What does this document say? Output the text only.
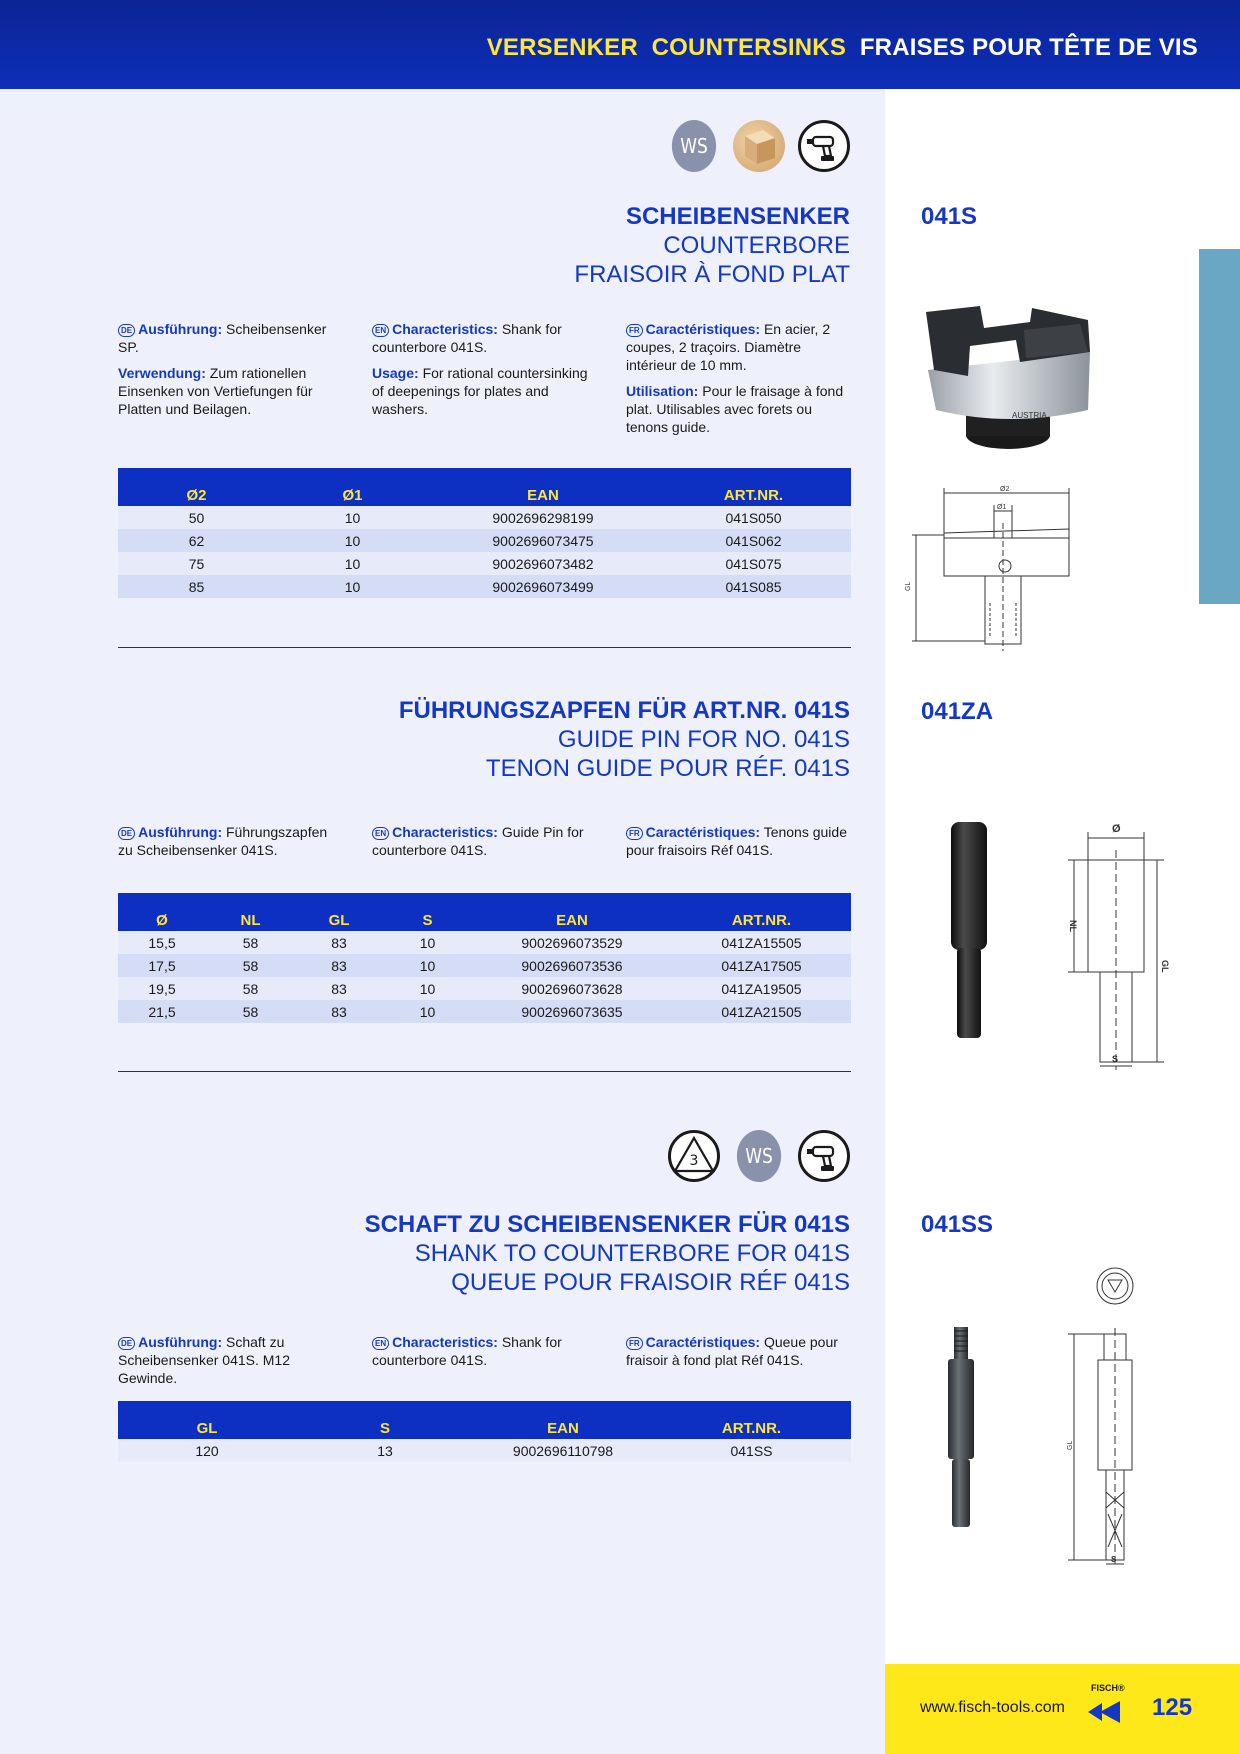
VERSENKER COUNTERSINKS FRAISES POUR TÊTE DE VIS
WS
SCHEIBENSENKER
COUNTERBORE
FRAISOIR À FOND PLAT
041S

DE Ausführung: Scheibensenker SP.

Verwendung: Zum rationellen Einsenken von Vertiefungen für Platten und Beilagen.

EN Characteristics: Shank for counterbore 041S.

Usage: For rational countersinking of deepenings for plates and washers.

FR Caractéristiques: En acier, 2 coupes, 2 traçoirs. Diamètre intérieur de 10 mm.

Utilisation: Pour le fraisage à fond plat. Utilisables avec forets ou tenons guide.

Ø2	Ø1	EAN	ART.NR.
50	10	9002696298199	041S050
62	10	9002696073475	041S062
75	10	9002696073482	041S075
85	10	9002696073499	041S085
AUSTRIA
Ø2
Ø1
GL
FÜHRUNGSZAPFEN FÜR ART.NR. 041S
GUIDE PIN FOR NO. 041S
TENON GUIDE POUR RÉF. 041S
041ZA

DE Ausführung: Führungszapfen zu Scheibensenker 041S.

EN Characteristics: Guide Pin for counterbore 041S.

FR Caractéristiques: Tenons guide pour fraisoirs Réf 041S.

Ø	NL	GL	S	EAN	ART.NR.
15,5	58	83	10	9002696073529	041ZA15505
17,5	58	83	10	9002696073536	041ZA17505
19,5	58	83	10	9002696073628	041ZA19505
21,5	58	83	10	9002696073635	041ZA21505
Ø
NL
GL
S
3	WS
SCHAFT ZU SCHEIBENSENKER FÜR 041S
SHANK TO COUNTERBORE FOR 041S
QUEUE POUR FRAISOIR RÉF 041S
041SS

DE Ausführung: Schaft zu Scheibensenker 041S. M12 Gewinde.

EN Characteristics: Shank for counterbore 041S.

FR Caractéristiques: Queue pour fraisoir à fond plat Réf 041S.

GL	S	EAN	ART.NR.
120	13	9002696110798	041SS	GL
S
www.fisch-tools.com
FISCH®
125
